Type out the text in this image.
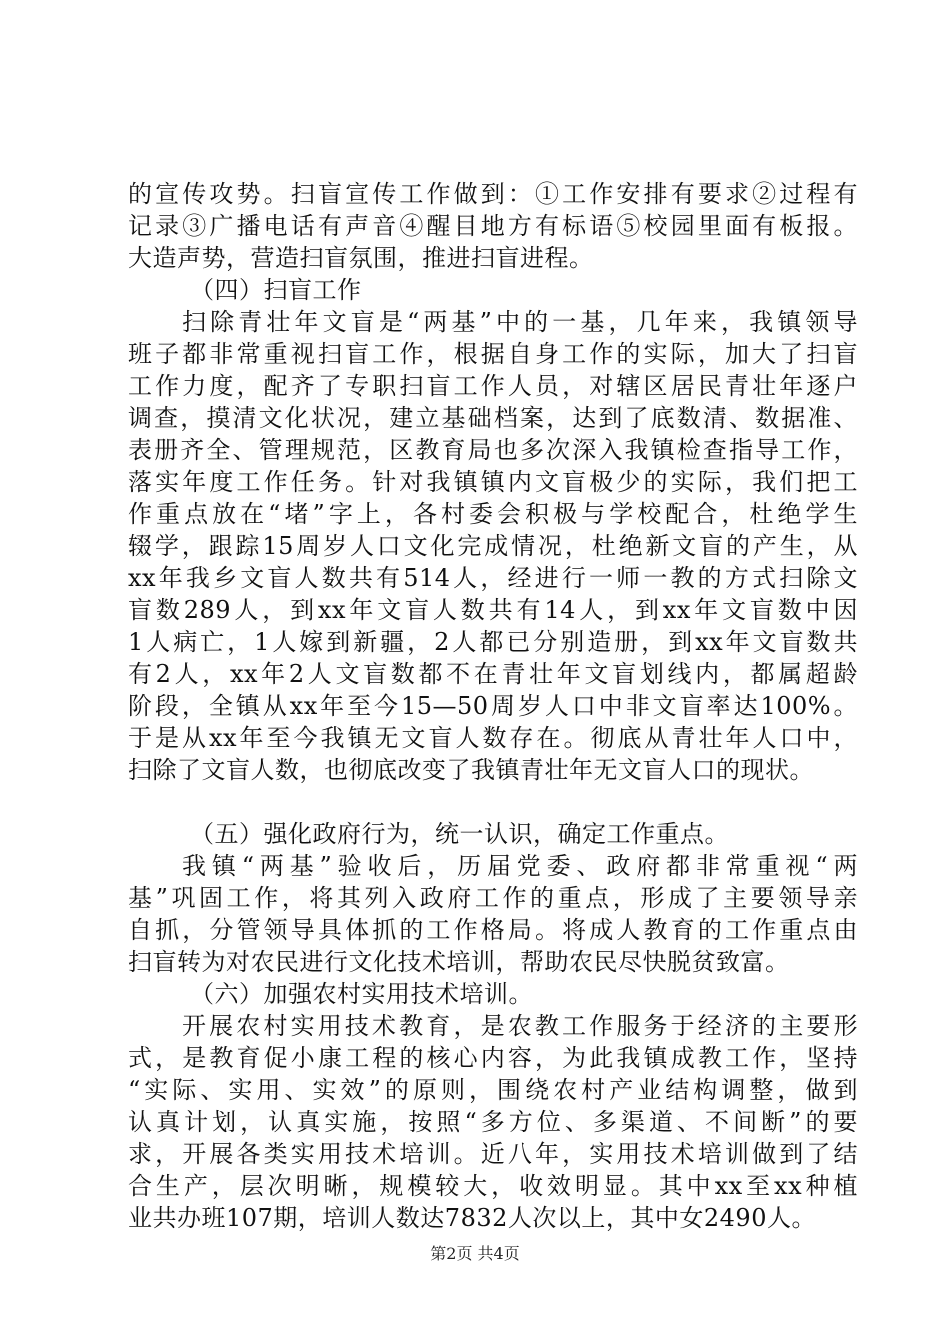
的宣传攻势。扫盲宣传工作做到：①工作安排有要求②过程有
记录③广播电话有声音④醒目地方有标语⑤校园里面有板报。
大造声势，营造扫盲氛围，推进扫盲进程。
（四）扫盲工作
扫除青壮年文盲是“两基”中的一基，几年来，我镇领导
班子都非常重视扫盲工作，根据自身工作的实际，加大了扫盲
工作力度，配齐了专职扫盲工作人员，对辖区居民青壮年逐户
调查，摸清文化状况，建立基础档案，达到了底数清、数据准、
表册齐全、管理规范，区教育局也多次深入我镇检查指导工作，
落实年度工作任务。针对我镇镇内文盲极少的实际，我们把工
作重点放在“堵”字上，各村委会积极与学校配合，杜绝学生
辍学，跟踪15周岁人口文化完成情况，杜绝新文盲的产生，从
xx年我乡文盲人数共有514人，经进行一师一教的方式扫除文
盲数289人，到xx年文盲人数共有14人，到xx年文盲数中因
1人病亡，1人嫁到新疆，2人都已分别造册，到xx年文盲数共
有2人，xx年2人文盲数都不在青壮年文盲划线内，都属超龄
阶段，全镇从xx年至今15—50周岁人口中非文盲率达100%。
于是从xx年至今我镇无文盲人数存在。彻底从青壮年人口中，
扫除了文盲人数，也彻底改变了我镇青壮年无文盲人口的现状。
（五）强化政府行为，统一认识，确定工作重点。
我镇“两基”验收后，历届党委、政府都非常重视“两
基”巩固工作，将其列入政府工作的重点，形成了主要领导亲
自抓，分管领导具体抓的工作格局。将成人教育的工作重点由
扫盲转为对农民进行文化技术培训，帮助农民尽快脱贫致富。
（六）加强农村实用技术培训。
开展农村实用技术教育，是农教工作服务于经济的主要形
式，是教育促小康工程的核心内容，为此我镇成教工作，坚持
“实际、实用、实效”的原则，围绕农村产业结构调整，做到
认真计划，认真实施，按照“多方位、多渠道、不间断”的要
求，开展各类实用技术培训。近八年，实用技术培训做到了结
合生产，层次明晰，规模较大，收效明显。其中xx至xx种植
业共办班107期，培训人数达7832人次以上，其中女2490人。
第2页 共4页
